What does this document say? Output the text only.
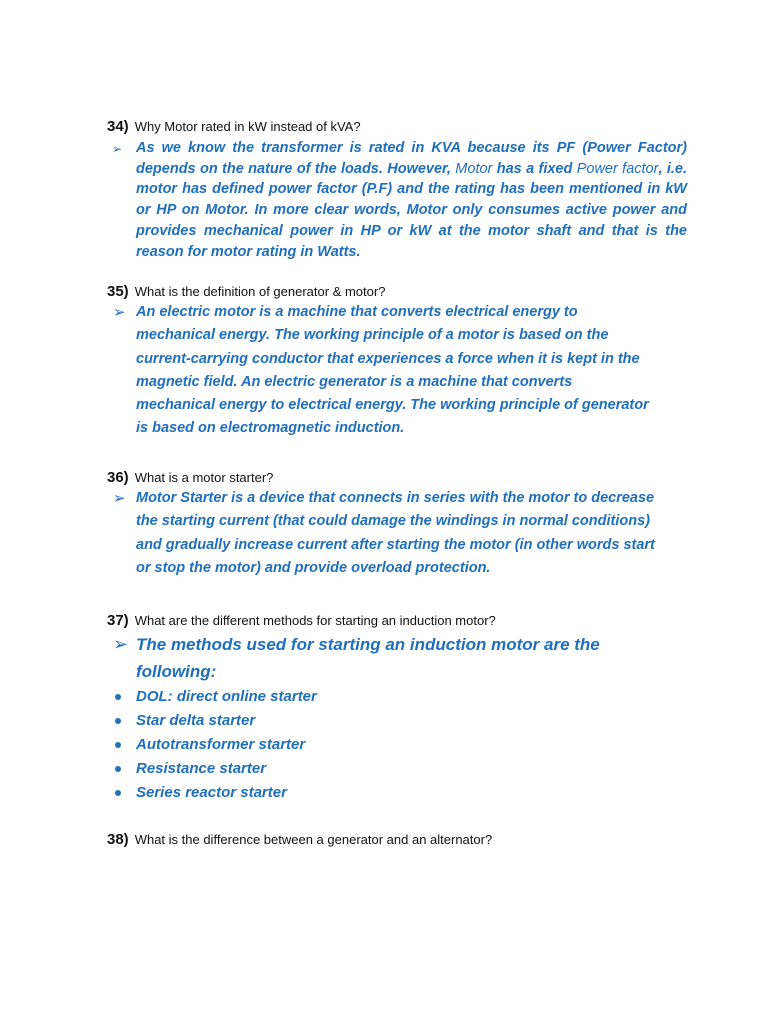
34) Why Motor rated in kW instead of kVA?
➢ As we know the transformer is rated in KVA because its PF (Power Factor) depends on the nature of the loads. However, Motor has a fixed Power factor, i.e. motor has defined power factor (P.F) and the rating has been mentioned in kW or HP on Motor. In more clear words, Motor only consumes active power and provides mechanical power in HP or kW at the motor shaft and that is the reason for motor rating in Watts.
35) What is the definition of generator & motor?
➢ An electric motor is a machine that converts electrical energy to mechanical energy. The working principle of a motor is based on the current-carrying conductor that experiences a force when it is kept in the magnetic field. An electric generator is a machine that converts mechanical energy to electrical energy. The working principle of generator is based on electromagnetic induction.
36) What is a motor starter?
➢ Motor Starter is a device that connects in series with the motor to decrease the starting current (that could damage the windings in normal conditions) and gradually increase current after starting the motor (in other words start or stop the motor) and provide overload protection.
37) What are the different methods for starting an induction motor?
➢ The methods used for starting an induction motor are the following:
DOL: direct online starter
Star delta starter
Autotransformer starter
Resistance starter
Series reactor starter
38) What is the difference between a generator and an alternator?
